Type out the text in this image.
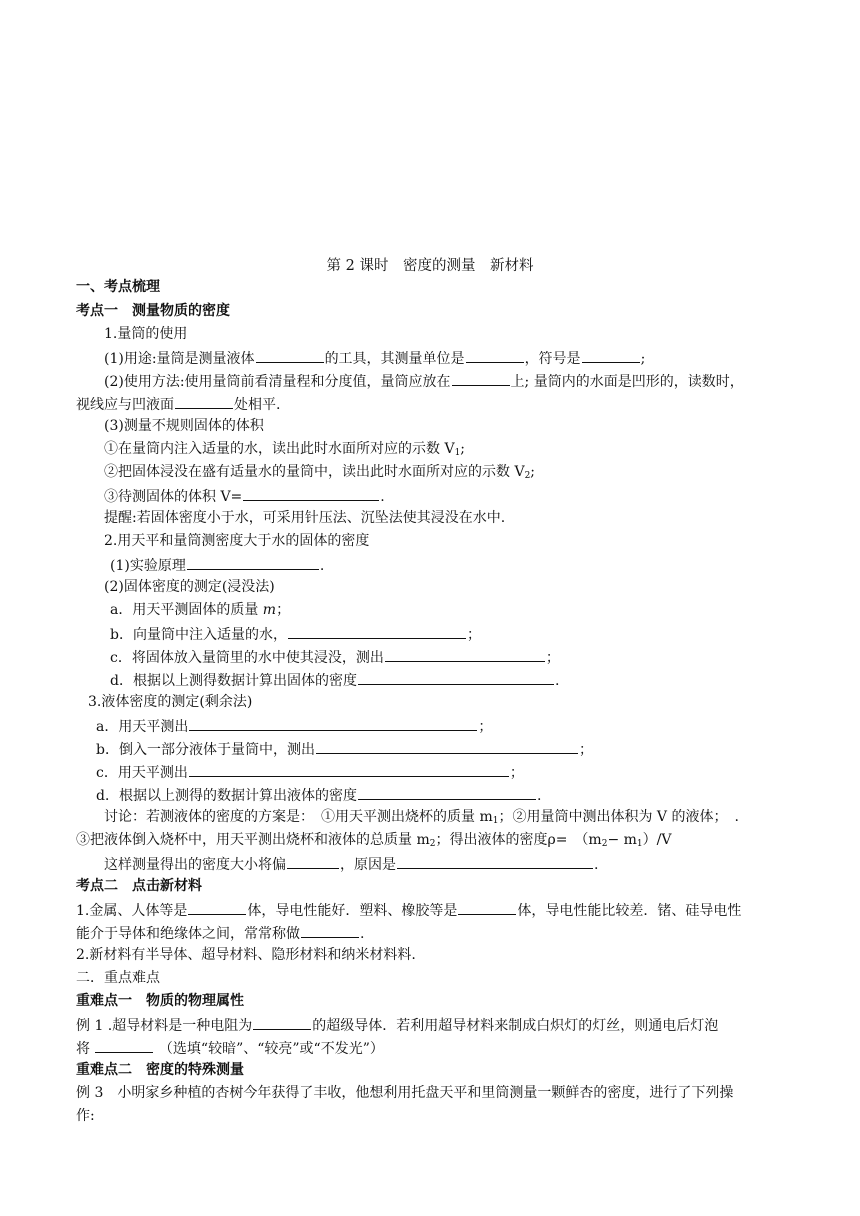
第 2 课时　密度的测量　新材料
一、考点梳理
考点一　测量物质的密度
1.量筒的使用
(1)用途:量筒是测量液体	的工具，其测量单位是	，符号是	;
(2)使用方法:使用量筒前看清量程和分度值，量筒应放在	上; 量筒内的水面是凹形的，读数时，
视线应与凹液面	处相平.
(3)测量不规则固体的体积
①在量筒内注入适量的水，读出此时水面所对应的示数 $V_1$;
②把固体浸没在盛有适量水的量筒中，读出此时水面所对应的示数 $V_2$;
③待测固体的体积 V=	.
提醒:若固体密度小于水，可采用针压法、沉坠法使其浸没在水中.
2.用天平和量筒测密度大于水的固体的密度
(1)实验原理	.
(2)固体密度的测定(浸没法)
a．用天平测固体的质量 m；
b．向量筒中注入适量的水，	；
c．将固体放入量筒里的水中使其浸没，测出	；
d．根据以上测得数据计算出固体的密度	.
3.液体密度的测定(剩余法)
a．用天平测出	；
b．倒入一部分液体于量筒中，测出	；
c．用天平测出	；
d．根据以上测得的数据计算出液体的密度	.
讨论：若测液体的密度的方案是：　①用天平测出烧杯的质量 $m_1$；②用量筒中测出体积为 V 的液体；　.
③把液体倒入烧杯中，用天平测出烧杯和液体的总质量 $m_2$；得出液体的密度ρ=　$(m_2- m_1)/V$
这样测量得出的密度大小将偏	，原因是	.
考点二　点击新材料
1.金属、人体等是	体，导电性能好．塑料、橡胶等是	体，导电性能比较差．锗、硅导电性
能介于导体和绝缘体之间，常常称做	.
2.新材料有半导体、超导材料、隐形材料和纳米材料料.
二．重点难点
重难点一　物质的物理属性
例 1 .超导材料是一种电阻为	的超级导体．若利用超导材料来制成白炽灯的灯丝，则通电后灯泡
将	（选填“较暗”、“较亮”或“不发光”）
重难点二　密度的特殊测量
例 3　小明家乡种植的杏树今年获得了丰收，他想利用托盘天平和里筒测量一颗鲜杏的密度，进行了下列操
作:
